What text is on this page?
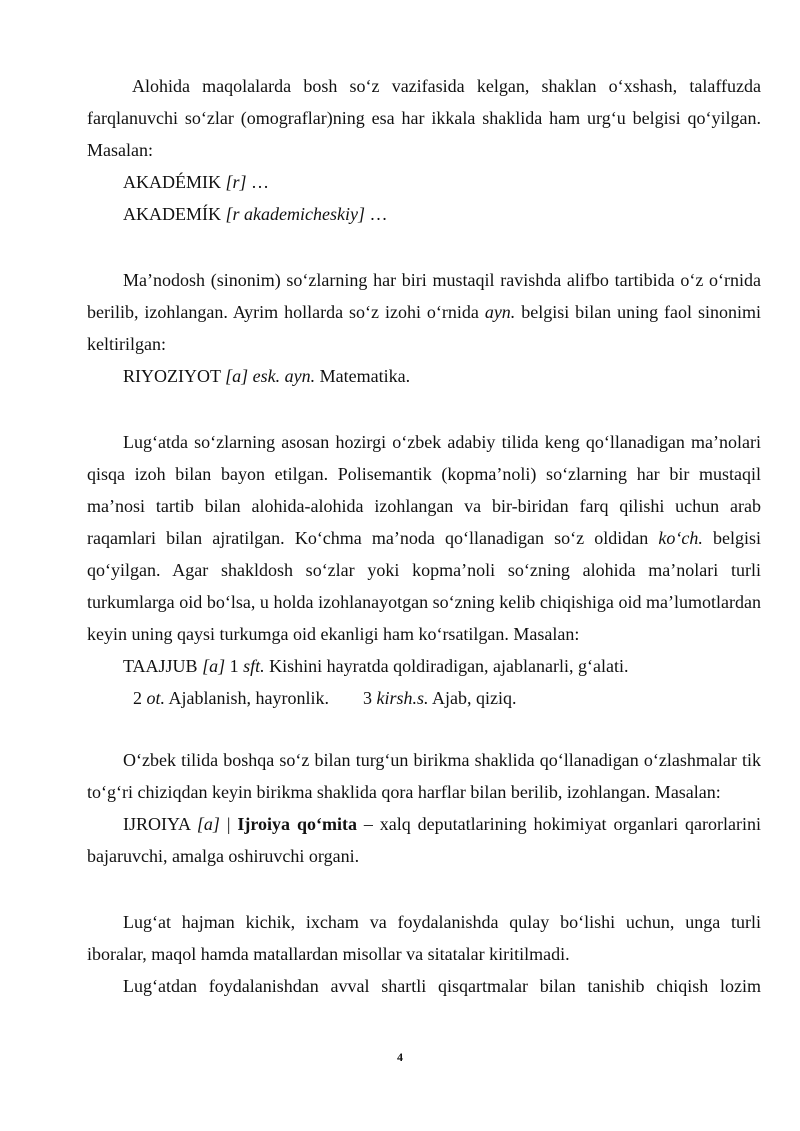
Alohida maqolalarda bosh so‘z vazifasida kelgan, shaklan o‘xshash, talaffuzda farqlanuvchi so‘zlar (omograflar)ning esa har ikkala shaklida ham urg‘u belgisi qo‘yilgan. Masalan:

AKADÉMIK [r] …

AKADEMÍK [r akademicheskiy] …

Ma’nodosh (sinonim) so‘zlarning har biri mustaqil ravishda alifbo tartibida o‘z o‘rnida berilib, izohlangan. Ayrim hollarda so‘z izohi o‘rnida ayn. belgisi bilan uning faol sinonimi keltirilgan:

RIYOZIYOT [a] esk. ayn. Matematika.

Lug‘atda so‘zlarning asosan hozirgi o‘zbek adabiy tilida keng qo‘llanadigan ma’nolari qisqa izoh bilan bayon etilgan. Polisemantik (kopma’noli) so‘zlarning har bir mustaqil ma’nosi tartib bilan alohida-alohida izohlangan va bir-biridan farq qilishi uchun arab raqamlari bilan ajratilgan. Ko‘chma ma’noda qo‘llanadigan so‘z oldidan ko‘ch. belgisi qo‘yilgan. Agar shakldosh so‘zlar yoki kopma’noli so‘zning alohida ma’nolari turli turkumlarga oid bo‘lsa, u holda izohlanayotgan so‘zning kelib chiqishiga oid ma’lumotlardan keyin uning qaysi turkumga oid ekanligi ham ko‘rsatilgan. Masalan:

TAAJJUB [a] 1 sft. Kishini hayratda qoldiradigan, ajablanarli, g‘alati.

2 ot. Ajablanish, hayronlik. 3 kirsh.s. Ajab, qiziq.

O‘zbek tilida boshqa so‘z bilan turg‘un birikma shaklida qo‘llanadigan o‘zlashmalar tik to‘g‘ri chiziqdan keyin birikma shaklida qora harflar bilan berilib, izohlangan. Masalan:

IJROIYA [a] | Ijroiya qo‘mita – xalq deputatlarining hokimiyat organlari qarorlarini bajaruvchi, amalga oshiruvchi organi.

Lug‘at hajman kichik, ixcham va foydalanishda qulay bo‘lishi uchun, unga turli iboralar, maqol hamda matallardan misollar va sitatalar kiritilmadi.

Lug‘atdan foydalanishdan avval shartli qisqartmalar bilan tanishib chiqish lozim

4
